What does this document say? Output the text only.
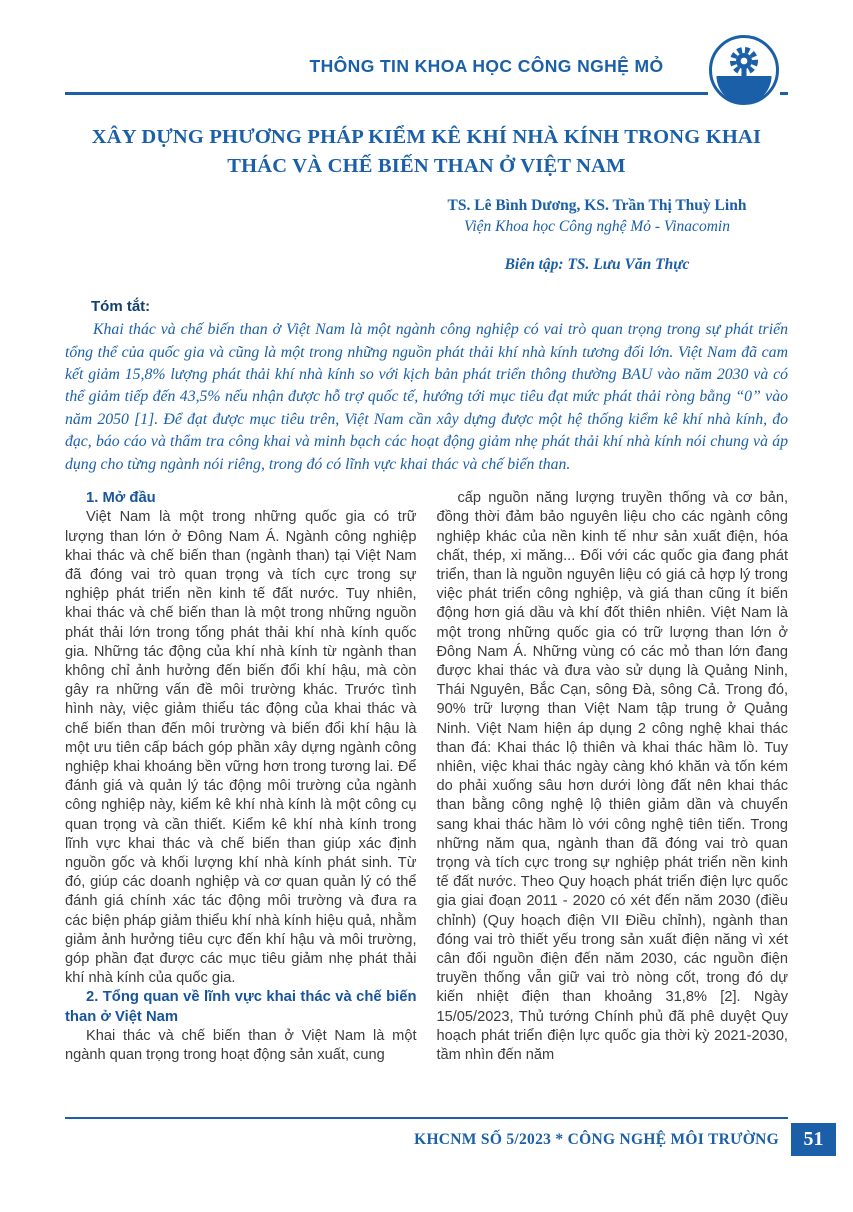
THÔNG TIN KHOA HỌC CÔNG NGHỆ MỎ
XÂY DỰNG PHƯƠNG PHÁP KIỂM KÊ KHÍ NHÀ KÍNH TRONG KHAI THÁC VÀ CHẾ BIẾN THAN Ở VIỆT NAM
TS. Lê Bình Dương, KS. Trần Thị Thuỳ Linh
Viện Khoa học Công nghệ Mỏ - Vinacomin
Biên tập: TS. Lưu Văn Thực
Tóm tắt:

Khai thác và chế biến than ở Việt Nam là một ngành công nghiệp có vai trò quan trọng trong sự phát triển tổng thể của quốc gia và cũng là một trong những nguồn phát thải khí nhà kính tương đối lớn. Việt Nam đã cam kết giảm 15,8% lượng phát thải khí nhà kính so với kịch bản phát triển thông thường BAU vào năm 2030 và có thể giảm tiếp đến 43,5% nếu nhận được hỗ trợ quốc tế, hướng tới mục tiêu đạt mức phát thải ròng bằng “0” vào năm 2050 [1]. Để đạt được mục tiêu trên, Việt Nam cần xây dựng được một hệ thống kiểm kê khí nhà kính, đo đạc, báo cáo và thẩm tra công khai và minh bạch các hoạt động giảm nhẹ phát thải khí nhà kính nói chung và áp dụng cho từng ngành nói riêng, trong đó có lĩnh vực khai thác và chế biến than.

1. Mở đầu

Việt Nam là một trong những quốc gia có trữ lượng than lớn ở Đông Nam Á. Ngành công nghiệp khai thác và chế biến than (ngành than) tại Việt Nam đã đóng vai trò quan trọng và tích cực trong sự nghiệp phát triển nền kinh tế đất nước. Tuy nhiên, khai thác và chế biến than là một trong những nguồn phát thải lớn trong tổng phát thải khí nhà kính quốc gia. Những tác động của khí nhà kính từ ngành than không chỉ ảnh hưởng đến biến đổi khí hậu, mà còn gây ra những vấn đề môi trường khác. Trước tình hình này, việc giảm thiểu tác động của khai thác và chế biến than đến môi trường và biến đổi khí hậu là một ưu tiên cấp bách góp phần xây dựng ngành công nghiệp khai khoáng bền vững hơn trong tương lai. Để đánh giá và quản lý tác động môi trường của ngành công nghiệp này, kiểm kê khí nhà kính là một công cụ quan trọng và cần thiết. Kiểm kê khí nhà kính trong lĩnh vực khai thác và chế biến than giúp xác định nguồn gốc và khối lượng khí nhà kính phát sinh. Từ đó, giúp các doanh nghiệp và cơ quan quản lý có thể đánh giá chính xác tác động môi trường và đưa ra các biện pháp giảm thiểu khí nhà kính hiệu quả, nhằm giảm ảnh hưởng tiêu cực đến khí hậu và môi trường, góp phần đạt được các mục tiêu giảm nhẹ phát thải khí nhà kính của quốc gia.

2. Tổng quan về lĩnh vực khai thác và chế biến than ở Việt Nam

Khai thác và chế biến than ở Việt Nam là một ngành quan trọng trong hoạt động sản xuất, cung

cấp nguồn năng lượng truyền thống và cơ bản, đồng thời đảm bảo nguyên liệu cho các ngành công nghiệp khác của nền kinh tế như sản xuất điện, hóa chất, thép, xi măng... Đối với các quốc gia đang phát triển, than là nguồn nguyên liệu có giá cả hợp lý trong việc phát triển công nghiệp, và giá than cũng ít biến động hơn giá dầu và khí đốt thiên nhiên. Việt Nam là một trong những quốc gia có trữ lượng than lớn ở Đông Nam Á. Những vùng có các mỏ than lớn đang được khai thác và đưa vào sử dụng là Quảng Ninh, Thái Nguyên, Bắc Cạn, sông Đà, sông Cả. Trong đó, 90% trữ lượng than Việt Nam tập trung ở Quảng Ninh. Việt Nam hiện áp dụng 2 công nghệ khai thác than đá: Khai thác lộ thiên và khai thác hầm lò. Tuy nhiên, việc khai thác ngày càng khó khăn và tốn kém do phải xuống sâu hơn dưới lòng đất nên khai thác than bằng công nghệ lộ thiên giảm dần và chuyển sang khai thác hầm lò với công nghệ tiên tiến. Trong những năm qua, ngành than đã đóng vai trò quan trọng và tích cực trong sự nghiệp phát triển nền kinh tế đất nước. Theo Quy hoạch phát triển điện lực quốc gia giai đoạn 2011 - 2020 có xét đến năm 2030 (điều chỉnh) (Quy hoạch điện VII Điều chỉnh), ngành than đóng vai trò thiết yếu trong sản xuất điện năng vì xét cân đối nguồn điện đến năm 2030, các nguồn điện truyền thống vẫn giữ vai trò nòng cốt, trong đó dự kiến nhiệt điện than khoảng 31,8% [2]. Ngày 15/05/2023, Thủ tướng Chính phủ đã phê duyệt Quy hoạch phát triển điện lực quốc gia thời kỳ 2021-2030, tầm nhìn đến năm

KHCNM SỐ 5/2023 * CÔNG NGHỆ MÔI TRƯỜNG	51
